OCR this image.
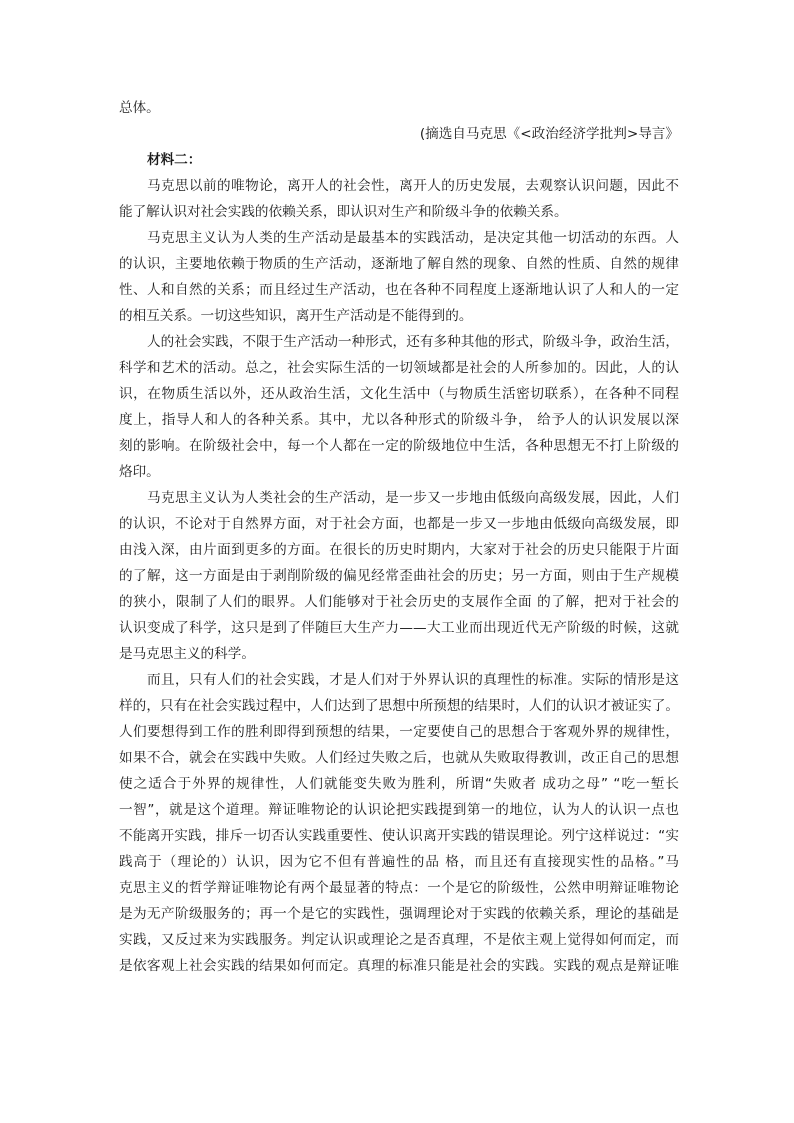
总体。
(摘选自马克思《<政治经济学批判>导言》
材料二：
马克思以前的唯物论，离开人的社会性，离开人的历史发展，去观察认识问题，因此不
能了解认识对社会实践的依赖关系，即认识对生产和阶级斗争的依赖关系。
马克思主义认为人类的生产活动是最基本的实践活动，是决定其他一切活动的东西。人
的认识，主要地依赖于物质的生产活动，逐渐地了解自然的现象、自然的性质、自然的规律
性、人和自然的关系；而且经过生产活动，也在各种不同程度上逐渐地认识了人和人的一定
的相互关系。一切这些知识，离开生产活动是不能得到的。
人的社会实践，不限于生产活动一种形式，还有多种其他的形式，阶级斗争，政治生活，
科学和艺术的活动。总之，社会实际生活的一切领域都是社会的人所参加的。因此，人的认
识，在物质生活以外，还从政治生活，文化生活中（与物质生活密切联系），在各种不同程
度上，指导人和人的各种关系。其中，尤以各种形式的阶级斗争， 给予人的认识发展以深
刻的影响。在阶级社会中，每一个人都在一定的阶级地位中生活，各种思想无不打上阶级的
烙印。
马克思主义认为人类社会的生产活动，是一步又一步地由低级向高级发展，因此，人们
的认识，不论对于自然界方面，对于社会方面，也都是一步又一步地由低级向高级发展，即
由浅入深，由片面到更多的方面。在很长的历史时期内，大家对于社会的历史只能限于片面
的了解，这一方面是由于剥削阶级的偏见经常歪曲社会的历史；另一方面，则由于生产规模
的狭小，限制了人们的眼界。人们能够对于社会历史的支展作全面 的了解，把对于社会的
认识变成了科学，这只是到了伴随巨大生产力——大工业而出现近代无产阶级的时候，这就
是马克思主义的科学。
而且，只有人们的社会实践，才是人们对于外界认识的真理性的标准。实际的情形是这
样的，只有在社会实践过程中，人们达到了思想中所预想的结果时，人们的认识才被证实了。
人们要想得到工作的胜利即得到预想的结果，一定要使自己的思想合于客观外界的规律性，
如果不合，就会在实践中失败。人们经过失败之后，也就从失败取得教训，改正自己的思想
使之适合于外界的规律性，人们就能变失败为胜利，所谓“失败者 成功之母” “吃一堑长
一智”，就是这个道理。辩证唯物论的认识论把实践提到第一的地位，认为人的认识一点也
不能离开实践，排斥一切否认实践重要性、使认识离开实践的错误理论。列宁这样说过：“实
践高于（理论的）认识，因为它不但有普遍性的品 格，而且还有直接现实性的品格。”马
克思主义的哲学辩证唯物论有两个最显著的特点：一个是它的阶级性，公然申明辩证唯物论
是为无产阶级服务的；再一个是它的实践性，强调理论对于实践的依赖关系，理论的基础是
实践，又反过来为实践服务。判定认识或理论之是否真理，不是依主观上觉得如何而定，而
是依客观上社会实践的结果如何而定。真理的标准只能是社会的实践。实践的观点是辩证唯
